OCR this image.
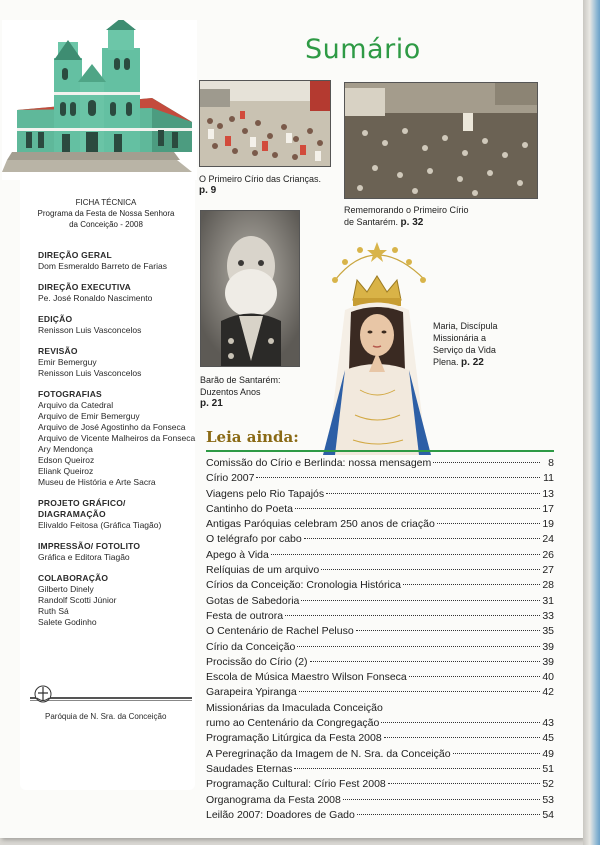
FICHA TÉCNICA
Programa da Festa de Nossa Senhora
da Conceição - 2008
DIREÇÃO GERAL
Dom Esmeraldo Barreto de Farias
DIREÇÃO EXECUTIVA
Pe. José Ronaldo Nascimento
EDIÇÃO
Renisson Luis Vasconcelos
REVISÃO
Emir Bemerguy
Renisson Luis Vasconcelos
FOTOGRAFIAS
Arquivo da Catedral
Arquivo de Emir Bemerguy
Arquivo de José Agostinho da Fonseca
Arquivo de Vicente Malheiros da Fonseca
Ary Mendonça
Edson Queiroz
Eliank Queiroz
Museu de História e Arte Sacra
PROJETO GRÁFICO/ DIAGRAMAÇÃO
Elivaldo Feitosa (Gráfica Tiagão)
IMPRESSÃO/ FOTOLITO
Gráfica e Editora Tiagão
COLABORAÇÃO
Gilberto Dinely
Randolf Scotti Júnior
Ruth Sá
Salete Godinho
Paróquia de N. Sra. da Conceição
Sumário
O Primeiro Círio das Crianças.
p. 9
Rememorando o Primeiro Círio
de Santarém. p. 32
Barão de Santarém:
Duzentos Anos
p. 21
Maria, Discípula
Missionária a
Serviço da Vida
Plena. p. 22
Leia ainda:
Comissão do Círio e Berlinda: nossa mensagem	8
Círio 2007	11
Viagens pelo Rio Tapajós	13
Cantinho do Poeta	17
Antigas Paróquias celebram 250 anos de criação	19
O telégrafo por cabo	24
Apego à Vida	26
Relíquias de um arquivo	27
Círios da Conceição: Cronologia Histórica	28
Gotas de Sabedoria	31
Festa de outrora	33
O Centenário de Rachel Peluso	35
Círio da Conceição	39
Procissão do Círio (2)	39
Escola de Música Maestro Wilson Fonseca	40
Garapeira Ypiranga	42
Missionárias da Imaculada Conceição
rumo ao Centenário da Congregação	43
Programação Litúrgica da Festa 2008	45
A Peregrinação da Imagem de N. Sra. da Conceição	49
Saudades Eternas	51
Programação Cultural: Círio Fest 2008	52
Organograma da Festa 2008	53
Leilão 2007: Doadores de Gado	54
